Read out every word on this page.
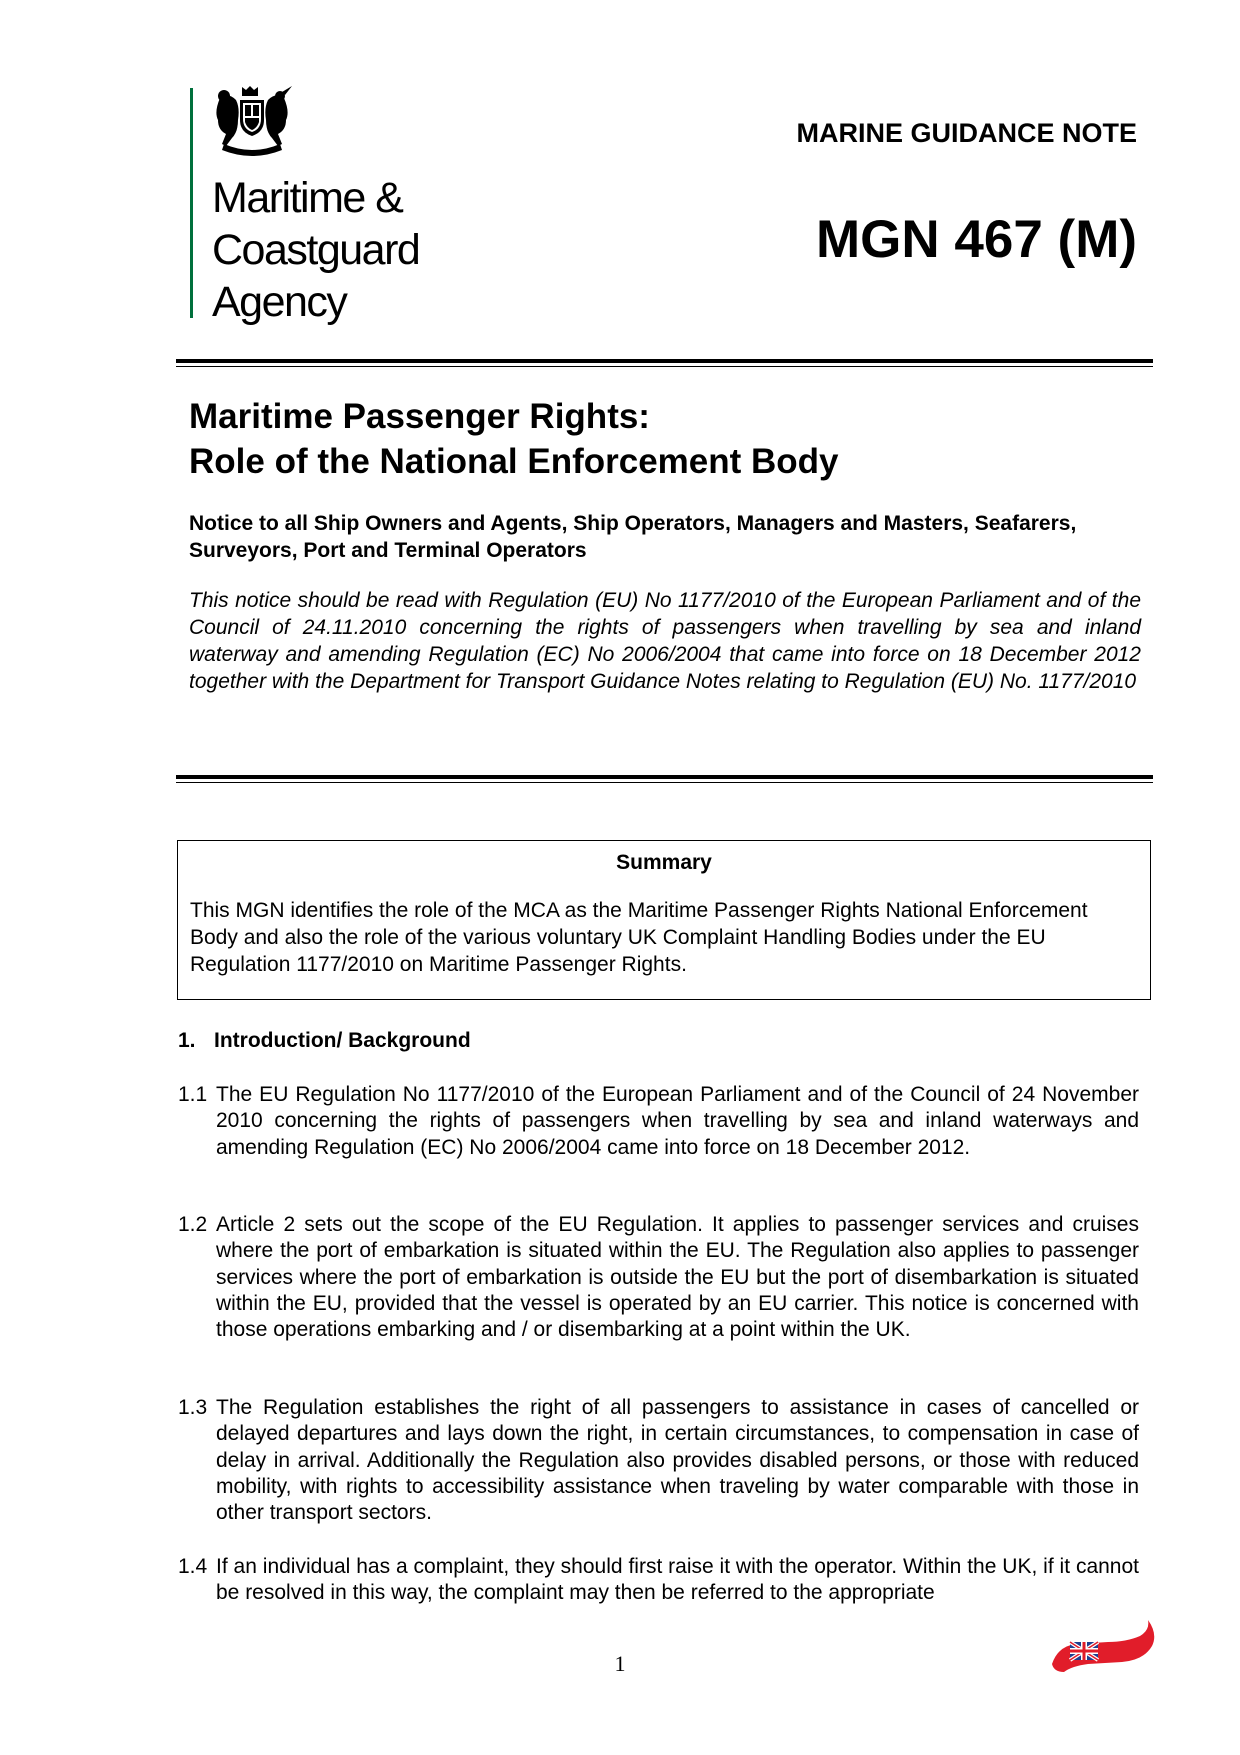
Maritime &
Coastguard
Agency
MARINE GUIDANCE NOTE
MGN 467 (M)
Maritime Passenger Rights:
Role of the National Enforcement Body
Notice to all Ship Owners and Agents, Ship Operators, Managers and Masters, Seafarers, Surveyors, Port and Terminal Operators
This notice should be read with Regulation (EU) No 1177/2010 of the European Parliament and of the Council of 24.11.2010 concerning the rights of passengers when travelling by sea and inland waterway and amending Regulation (EC) No 2006/2004 that came into force on 18 December 2012 together with the Department for Transport Guidance Notes relating to Regulation (EU) No. 1177/2010
Summary
This MGN identifies the role of the MCA as the Maritime Passenger Rights National Enforcement Body and also the role of the various voluntary UK Complaint Handling Bodies under the EU Regulation 1177/2010 on Maritime Passenger Rights.
1. Introduction/ Background
1.1 The EU Regulation No 1177/2010 of the European Parliament and of the Council of 24 November 2010 concerning the rights of passengers when travelling by sea and inland waterways and amending Regulation (EC) No 2006/2004 came into force on 18 December 2012.
1.2 Article 2 sets out the scope of the EU Regulation. It applies to passenger services and cruises where the port of embarkation is situated within the EU. The Regulation also applies to passenger services where the port of embarkation is outside the EU but the port of disembarkation is situated within the EU, provided that the vessel is operated by an EU carrier. This notice is concerned with those operations embarking and / or disembarking at a point within the UK.
1.3 The Regulation establishes the right of all passengers to assistance in cases of cancelled or delayed departures and lays down the right, in certain circumstances, to compensation in case of delay in arrival. Additionally the Regulation also provides disabled persons, or those with reduced mobility, with rights to accessibility assistance when traveling by water comparable with those in other transport sectors.
1.4 If an individual has a complaint, they should first raise it with the operator. Within the UK, if it cannot be resolved in this way, the complaint may then be referred to the appropriate
1
